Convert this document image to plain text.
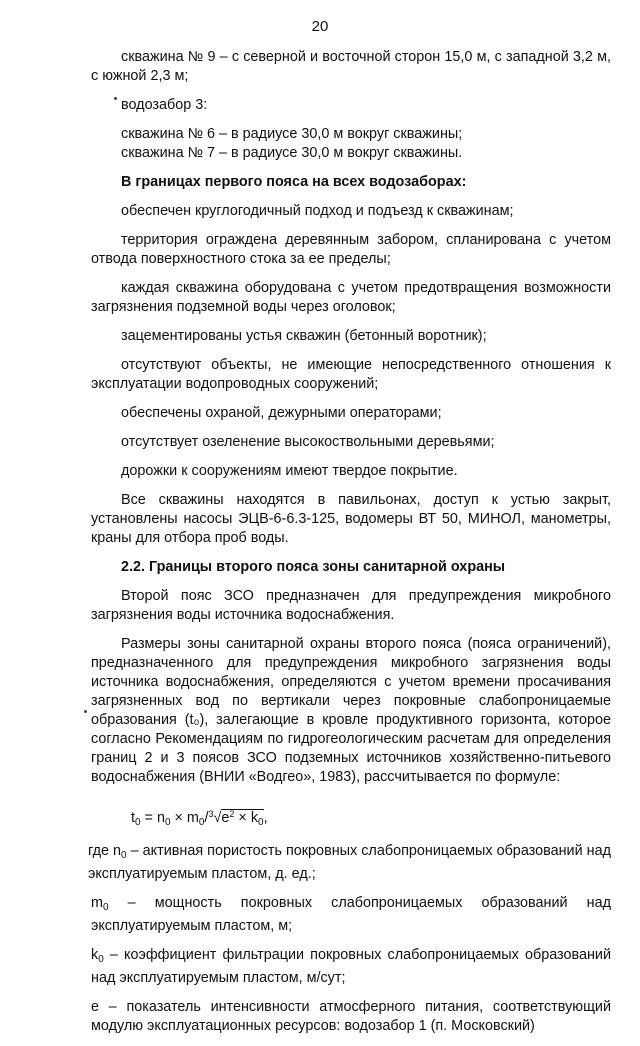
20

скважина № 9 – с северной и восточной сторон 15,0 м, с западной 3,2 м, с южной 2,3 м;

водозабор 3:

скважина № 6 – в радиусе 30,0 м вокруг скважины;

скважина № 7 – в радиусе 30,0 м вокруг скважины.

В границах первого пояса на всех водозаборах:

обеспечен круглогодичный подход и подъезд к скважинам;

территория ограждена деревянным забором, спланирована с учетом отвода поверхностного стока за ее пределы;

каждая скважина оборудована с учетом предотвращения возможности загрязнения подземной воды через оголовок;

зацементированы устья скважин (бетонный воротник);

отсутствуют объекты, не имеющие непосредственного отношения к эксплуатации водопроводных сооружений;

обеспечены охраной, дежурными операторами;

отсутствует озеленение высокоствольными деревьями;

дорожки к сооружениям имеют твердое покрытие.

Все скважины находятся в павильонах, доступ к устью закрыт, установлены насосы ЭЦВ-6-6.3-125, водомеры ВТ 50, МИНОЛ, манометры, краны для отбора проб воды.

2.2. Границы второго пояса зоны санитарной охраны

Второй пояс ЗСО предназначен для предупреждения микробного загрязнения воды источника водоснабжения.

Размеры зоны санитарной охраны второго пояса (пояса ограничений), предназначенного для предупреждения микробного загрязнения воды источника водоснабжения, определяются с учетом времени просачивания загрязненных вод по вертикали через покровные слабопроницаемые образования (t₀), залегающие в кровле продуктивного горизонта, которое согласно Рекомендациям по гидрогеологическим расчетам для определения границ 2 и 3 поясов ЗСО подземных источников хозяйственно-питьевого водоснабжения (ВНИИ «Водгео», 1983), рассчитывается по формуле:

$t_0 = n_0 \times m_0/^3√e^2 \times k_0$,

где $n_0$ – активная пористость покровных слабопроницаемых образований над эксплуатируемым пластом, д. ед.;

$m_0$ – мощность покровных слабопроницаемых образований над эксплуатируемым пластом, м;

$k_0$ – коэффициент фильтрации покровных слабопроницаемых образований над эксплуатируемым пластом, м/сут;

e – показатель интенсивности атмосферного питания, соответствующий модулю эксплуатационных ресурсов: водозабор 1 (п. Московский)
